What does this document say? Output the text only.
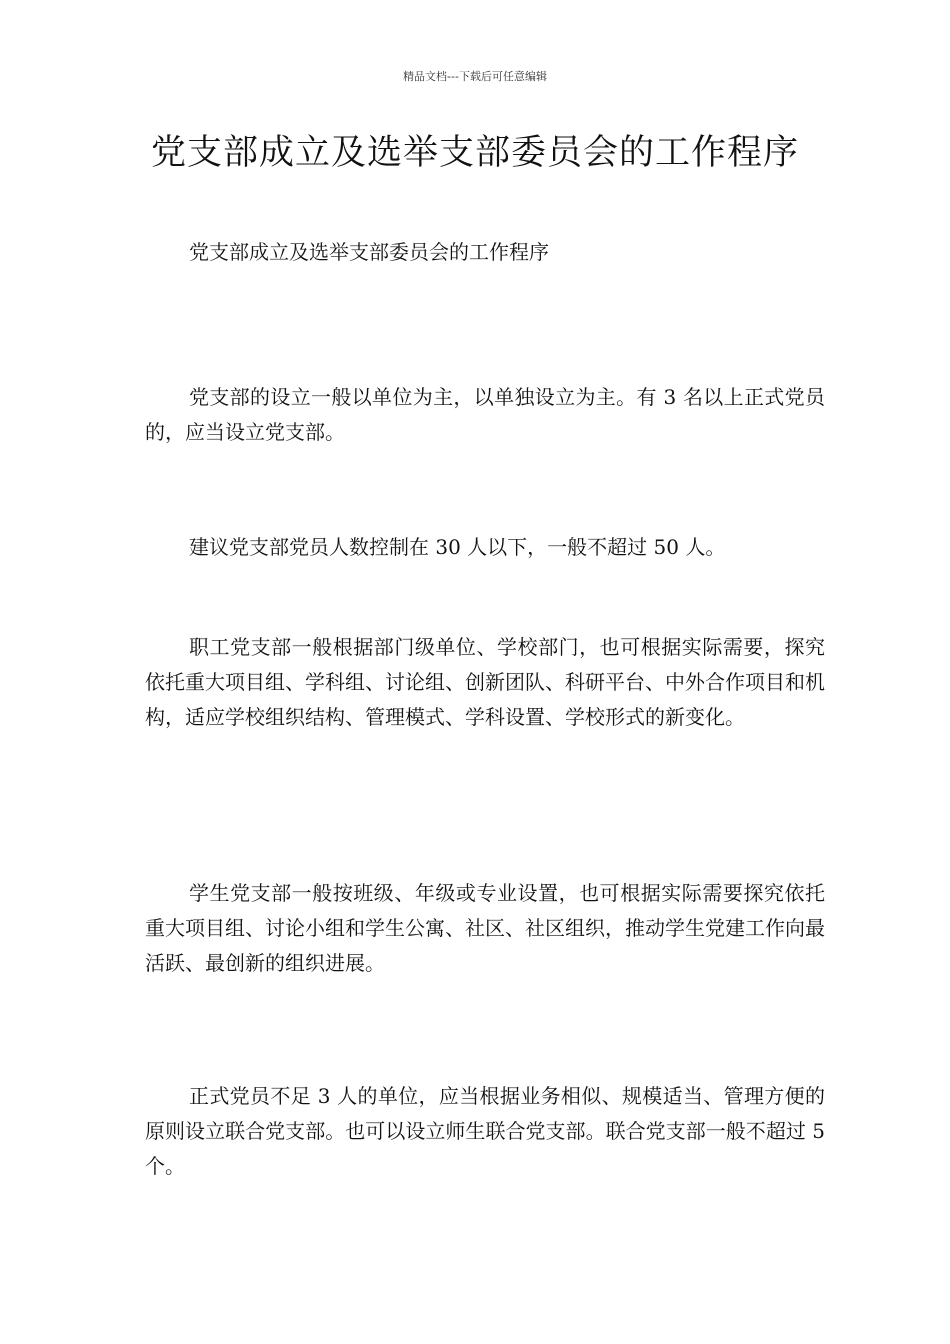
精品文档---下载后可任意编辑
党支部成立及选举支部委员会的工作程序

党支部成立及选举支部委员会的工作程序

党支部的设立一般以单位为主，以单独设立为主。有 3 名以上正式党员的，应当设立党支部。

建议党支部党员人数控制在 30 人以下，一般不超过 50 人。

职工党支部一般根据部门级单位、学校部门，也可根据实际需要，探究依托重大项目组、学科组、讨论组、创新团队、科研平台、中外合作项目和机构，适应学校组织结构、管理模式、学科设置、学校形式的新变化。

学生党支部一般按班级、年级或专业设置，也可根据实际需要探究依托重大项目组、讨论小组和学生公寓、社区、社区组织，推动学生党建工作向最活跃、最创新的组织进展。

正式党员不足 3 人的单位，应当根据业务相似、规模适当、管理方便的原则设立联合党支部。也可以设立师生联合党支部。联合党支部一般不超过 5 个。
